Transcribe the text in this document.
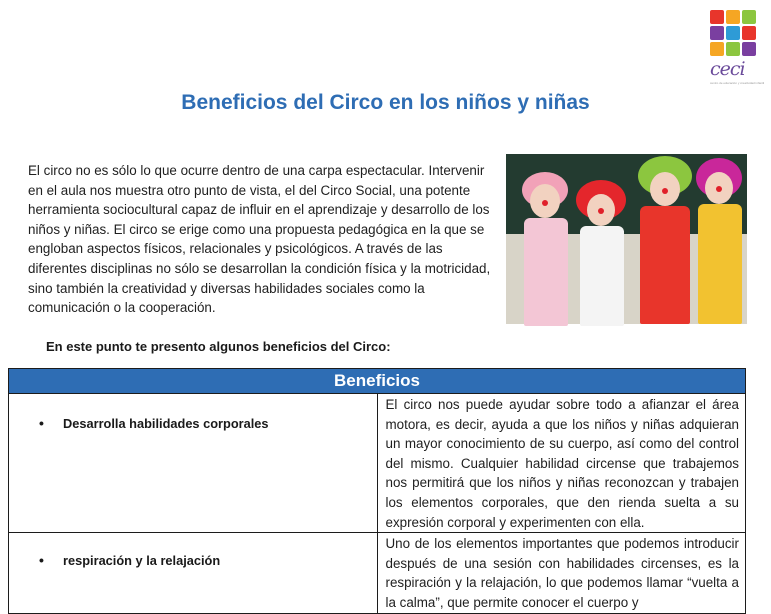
ceci
centro de educación y creatividad infantil
Beneficios del Circo en los niños y niñas

El circo no es sólo lo que ocurre dentro de una carpa espectacular. Intervenir en el aula nos muestra otro punto de vista, el del Circo Social, una potente herramienta sociocultural capaz de influir en el aprendizaje y desarrollo de los niños y niñas. El circo se erige como una propuesta pedagógica en la que se engloban aspectos físicos, relacionales y psicológicos. A través de las diferentes disciplinas no sólo se desarrollan la condición física y la motricidad, sino también la creatividad y diversas habilidades sociales como la comunicación o la cooperación.

En este punto te presento algunos beneficios del Circo:

Beneficios	

• Desarrolla habilidades corporales	El circo nos puede ayudar sobre todo a afianzar el área motora, es decir, ayuda a que los niños y niñas adquieran un mayor conocimiento de su cuerpo, así como del control del mismo. Cualquier habilidad circense que trabajemos nos permitirá que los niños y niñas reconozcan y trabajen los elementos corporales, que den rienda suelta a su expresión corporal y experimenten con ella.

• respiración y la relajación	Uno de los elementos importantes que podemos introducir después de una sesión con habilidades circenses, es la respiración y la relajación, lo que podemos llamar “vuelta a la calma”, que permite conocer el cuerpo y
